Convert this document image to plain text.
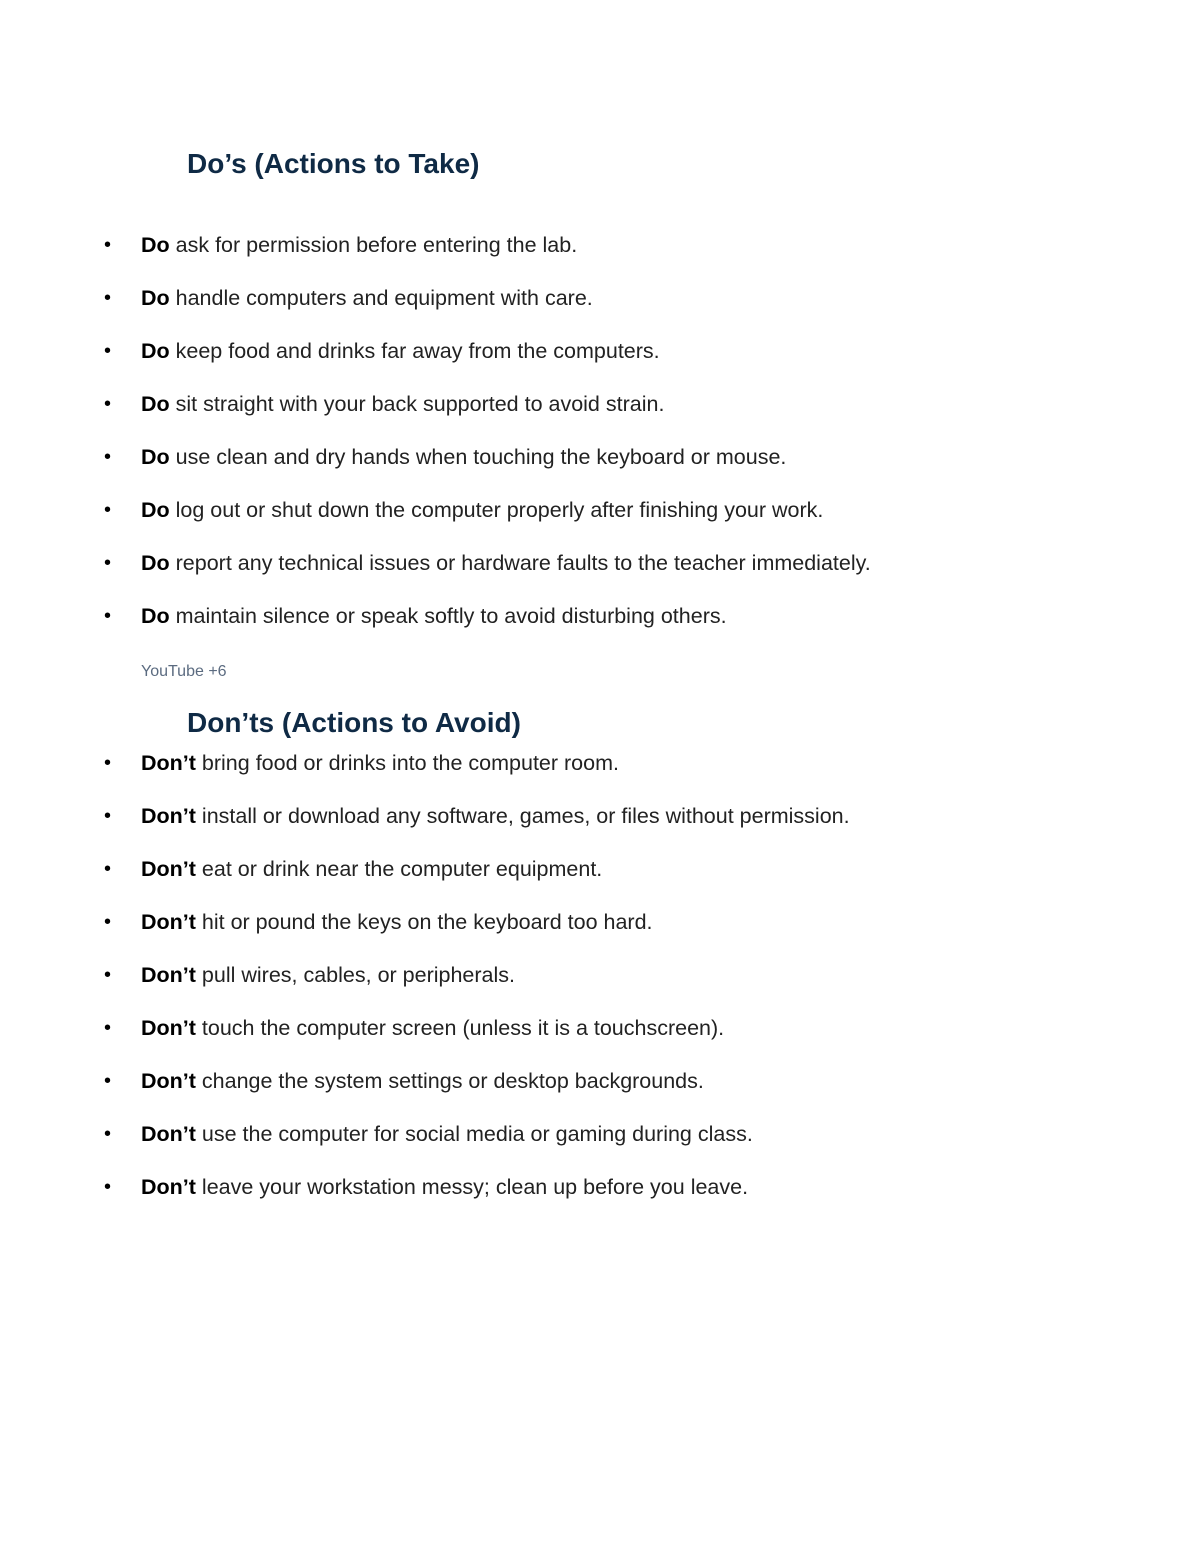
Do’s (Actions to Take)
• Do ask for permission before entering the lab.
• Do handle computers and equipment with care.
• Do keep food and drinks far away from the computers.
• Do sit straight with your back supported to avoid strain.
• Do use clean and dry hands when touching the keyboard or mouse.
• Do log out or shut down the computer properly after finishing your work.
• Do report any technical issues or hardware faults to the teacher immediately.
• Do maintain silence or speak softly to avoid disturbing others.
YouTube +6
Don’ts (Actions to Avoid)
• Don’t bring food or drinks into the computer room.
• Don’t install or download any software, games, or files without permission.
• Don’t eat or drink near the computer equipment.
• Don’t hit or pound the keys on the keyboard too hard.
• Don’t pull wires, cables, or peripherals.
• Don’t touch the computer screen (unless it is a touchscreen).
• Don’t change the system settings or desktop backgrounds.
• Don’t use the computer for social media or gaming during class.
• Don’t leave your workstation messy; clean up before you leave.
